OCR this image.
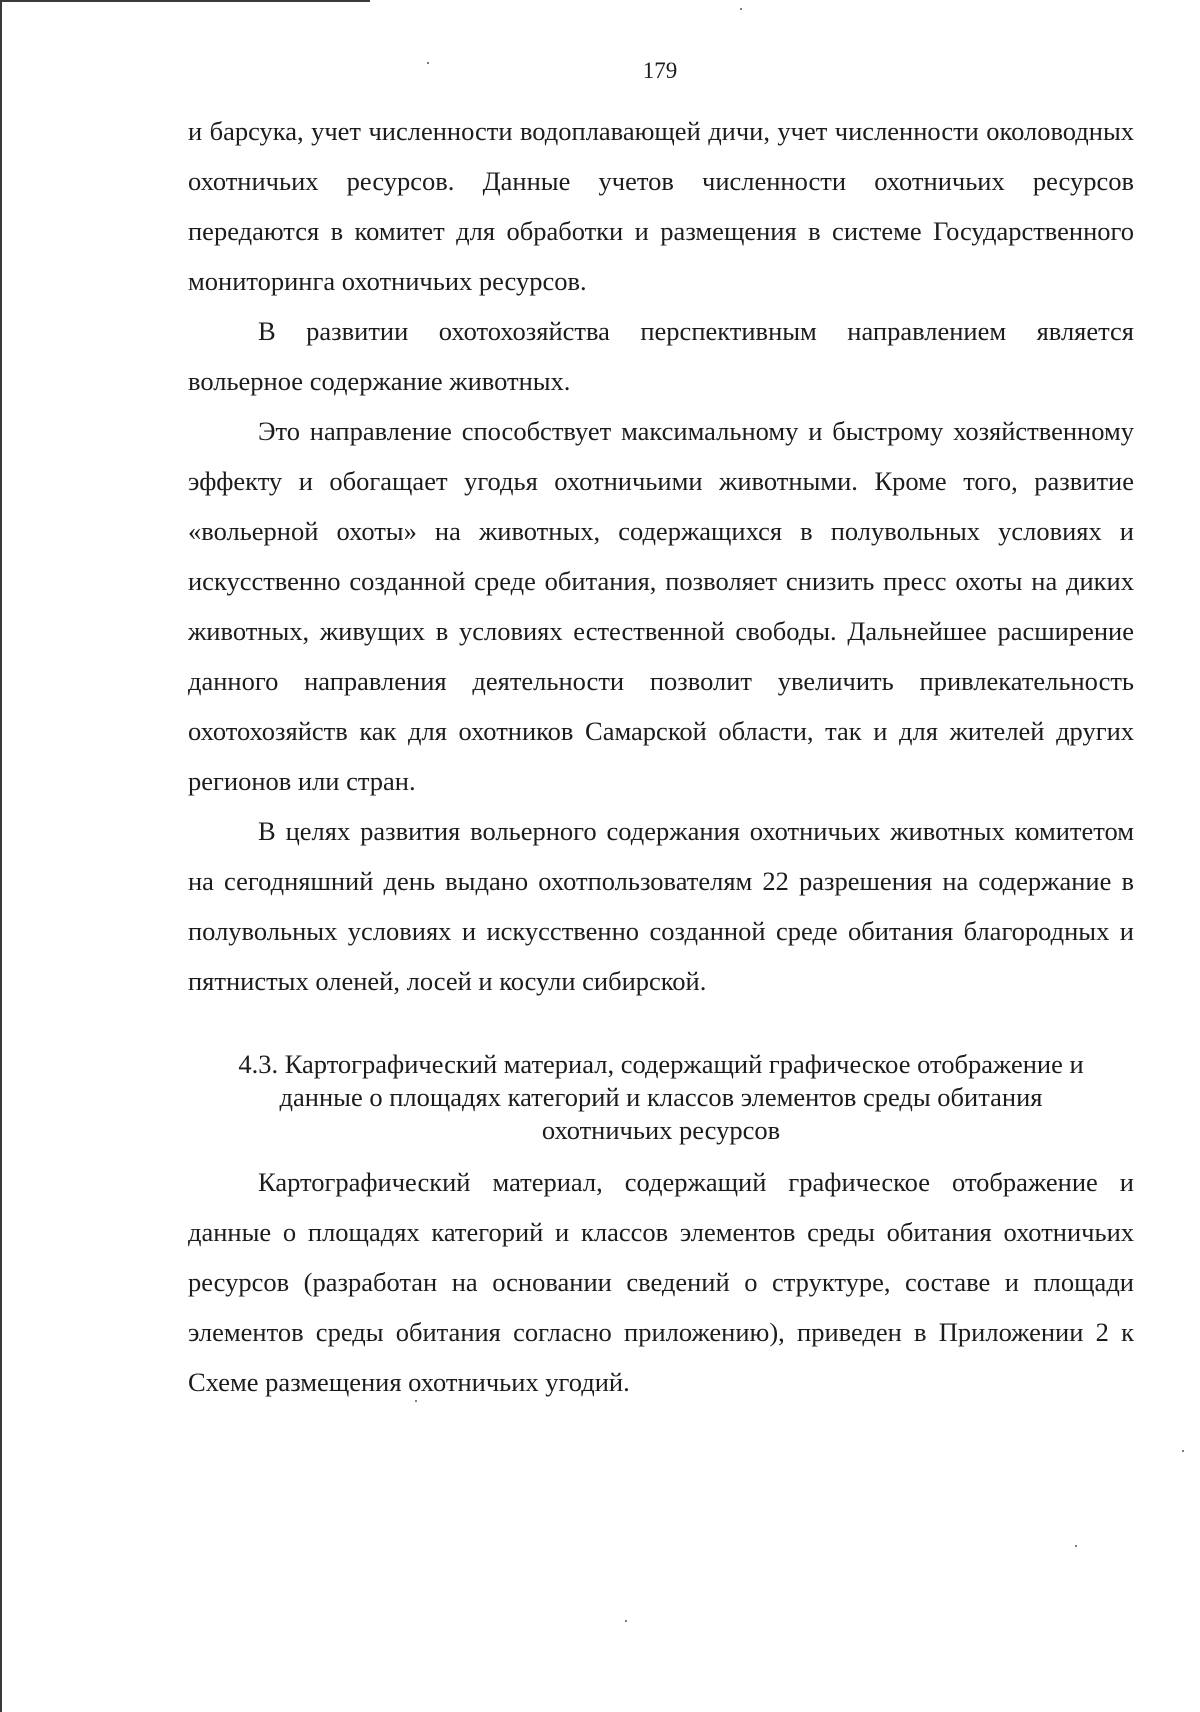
179

и барсука, учет численности водоплавающей дичи, учет численности околоводных охотничьих ресурсов. Данные учетов численности охотничьих ресурсов передаются в комитет для обработки и размещения в системе Государственного мониторинга охотничьих ресурсов.

В развитии охотохозяйства перспективным направлением является вольерное содержание животных.

Это направление способствует максимальному и быстрому хозяйственному эффекту и обогащает угодья охотничьими животными. Кроме того, развитие «вольерной охоты» на животных, содержащихся в полувольных условиях и искусственно созданной среде обитания, позволяет снизить пресс охоты на диких животных, живущих в условиях естественной свободы. Дальнейшее расширение данного направления деятельности позволит увеличить привлекательность охотохозяйств как для охотников Самарской области, так и для жителей других регионов или стран.

В целях развития вольерного содержания охотничьих животных комитетом на сегодняшний день выдано охотпользователям 22 разрешения на содержание в полувольных условиях и искусственно созданной среде обитания благородных и пятнистых оленей, лосей и косули сибирской.

4.3. Картографический материал, содержащий графическое отображение и
данные о площадях категорий и классов элементов среды обитания
охотничьих ресурсов

Картографический материал, содержащий графическое отображение и данные о площадях категорий и классов элементов среды обитания охотничьих ресурсов (разработан на основании сведений о структуре, составе и площади элементов среды обитания согласно приложению), приведен в Приложении 2 к Схеме размещения охотничьих угодий.
